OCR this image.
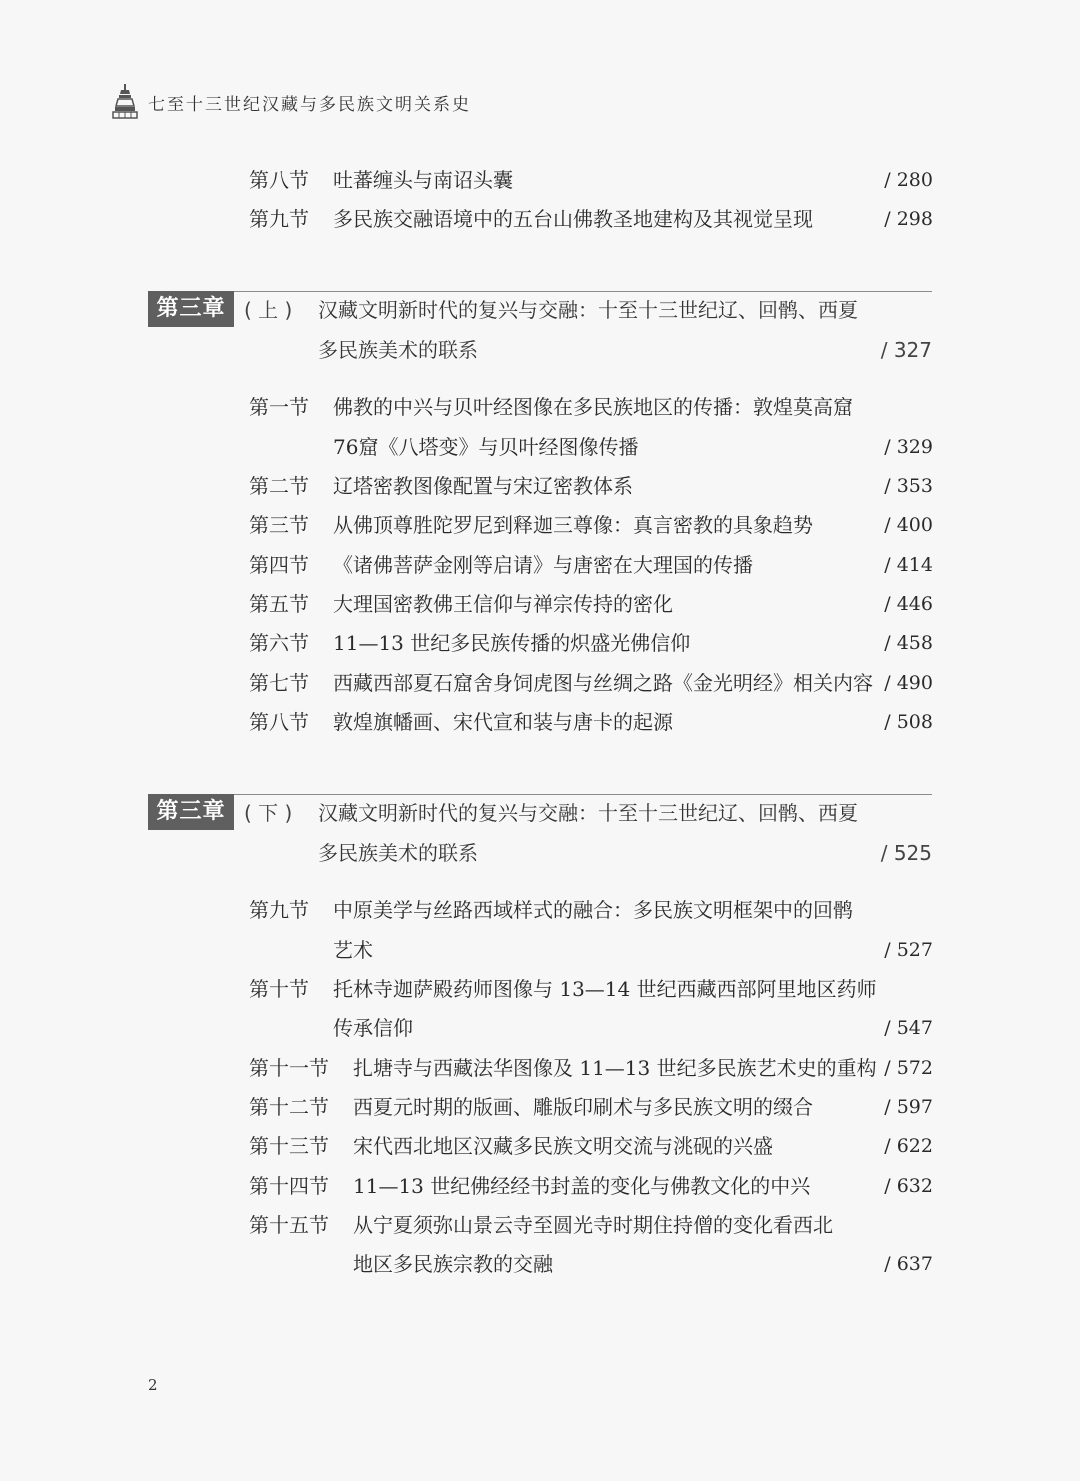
七至十三世纪汉藏与多民族文明关系史
第八节 吐蕃缠头与南诏头囊	/ 280
第九节 多民族交融语境中的五台山佛教圣地建构及其视觉呈现	/ 298
第三章 ( 上 ) 汉藏文明新时代的复兴与交融：十至十三世纪辽、回鹘、西夏
多民族美术的联系	/ 327
第一节 佛教的中兴与贝叶经图像在多民族地区的传播：敦煌莫高窟
76窟《八塔变》与贝叶经图像传播	/ 329
第二节 辽塔密教图像配置与宋辽密教体系	/ 353
第三节 从佛顶尊胜陀罗尼到释迦三尊像：真言密教的具象趋势	/ 400
第四节 《诸佛菩萨金刚等启请》与唐密在大理国的传播	/ 414
第五节 大理国密教佛王信仰与禅宗传持的密化	/ 446
第六节 11—13 世纪多民族传播的炽盛光佛信仰	/ 458
第七节 西藏西部夏石窟舍身饲虎图与丝绸之路《金光明经》相关内容 / 490
第八节 敦煌旗幡画、宋代宣和装与唐卡的起源	/ 508
第三章 ( 下 ) 汉藏文明新时代的复兴与交融：十至十三世纪辽、回鹘、西夏
多民族美术的联系	/ 525
第九节 中原美学与丝路西域样式的融合：多民族文明框架中的回鹘
艺术	/ 527
第十节 托林寺迦萨殿药师图像与 13—14 世纪西藏西部阿里地区药师
传承信仰	/ 547
第十一节 扎塘寺与西藏法华图像及 11—13 世纪多民族艺术史的重构 / 572
第十二节 西夏元时期的版画、雕版印刷术与多民族文明的缀合	/ 597
第十三节 宋代西北地区汉藏多民族文明交流与洮砚的兴盛	/ 622
第十四节 11—13 世纪佛经经书封盖的变化与佛教文化的中兴	/ 632
第十五节 从宁夏须弥山景云寺至圆光寺时期住持僧的变化看西北
地区多民族宗教的交融	/ 637
2
